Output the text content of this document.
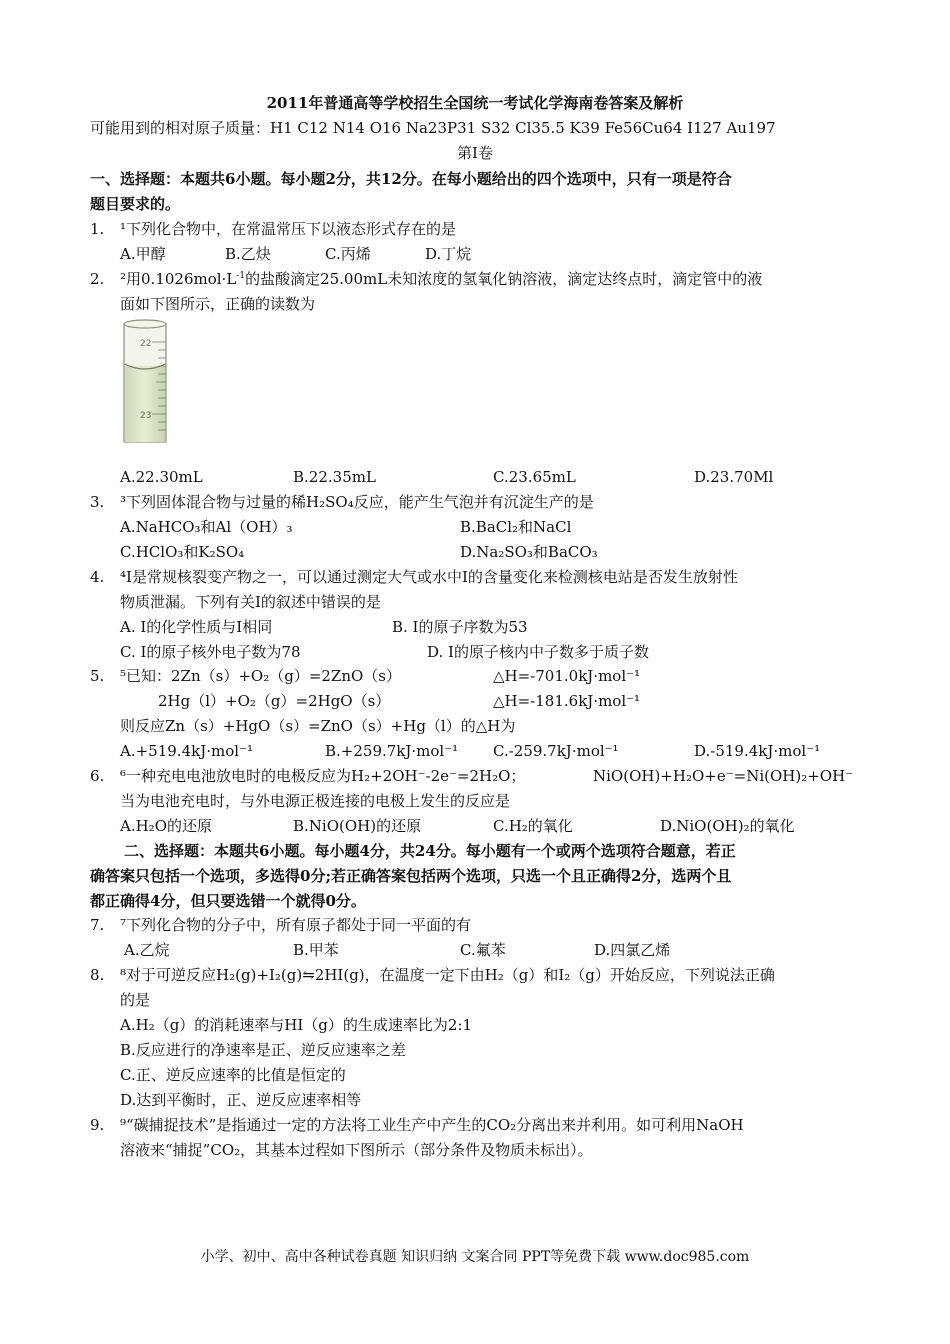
2011年普通高等学校招生全国统一考试化学海南卷答案及解析
可能用到的相对原子质量：H1 C12 N14 O16 Na23P31 S32 Cl35.5 K39 Fe56Cu64 I127 Au197
第I卷
一、选择题：本题共6小题。每小题2分，共12分。在每小题给出的四个选项中，只有一项是符合
题目要求的。
1. ¹下列化合物中，在常温常压下以液态形式存在的是
A.甲醇	B.乙炔	C.丙烯	D.丁烷
2. ²用$0.1026mol\cdot L^{-1}$的盐酸滴定25.00mL未知浓度的氢氧化钠溶液，滴定达终点时，滴定管中的液
面如下图所示，正确的读数为
22
23
A.22.30mL	B.22.35mL	C.23.65mL	D.23.70Ml
3. ³下列固体混合物与过量的稀H₂SO₄反应，能产生气泡并有沉淀生产的是
A.NaHCO₃和Al（OH）₃	B.BaCl₂和NaCl
C.HClO₃和K₂SO₄	D.Na₂SO₃和BaCO₃
4. ⁴I是常规核裂变产物之一，可以通过测定大气或水中I的含量变化来检测核电站是否发生放射性
物质泄漏。下列有关I的叙述中错误的是
A. I的化学性质与I相同	B. I的原子序数为53
C. I的原子核外电子数为78	D. I的原子核内中子数多于质子数
5. ⁵已知：2Zn（s）+O₂（g）=2ZnO（s）	△H=-701.0kJ·mol⁻¹
2Hg（l）+O₂（g）=2HgO（s）	△H=-181.6kJ·mol⁻¹
则反应Zn（s）+HgO（s）=ZnO（s）+Hg（l）的△H为
A.+519.4kJ·mol⁻¹	B.+259.7kJ·mol⁻¹ C.-259.7kJ·mol⁻¹	D.-519.4kJ·mol⁻¹
6. ⁶一种充电电池放电时的电极反应为H₂+2OH⁻-2e⁻=2H₂O；	NiO(OH)+H₂O+e⁻=Ni(OH)₂+OH⁻
当为电池充电时，与外电源正极连接的电极上发生的反应是
A.H₂O的还原	B.NiO(OH)的还原	C.H₂的氧化	D.NiO(OH)₂的氧化
二、选择题：本题共6小题。每小题4分，共24分。每小题有一个或两个选项符合题意，若正
确答案只包括一个选项，多选得0分;若正确答案包括两个选项，只选一个且正确得2分，选两个且
都正确得4分，但只要选错一个就得0分。
7. ⁷下列化合物的分子中，所有原子都处于同一平面的有
A.乙烷	B.甲苯	C.氟苯	D.四氯乙烯
8. ⁸对于可逆反应H₂(g)+I₂(g)⇋2HI(g)，在温度一定下由H₂（g）和I₂（g）开始反应，下列说法正确
的是
A.H₂（g）的消耗速率与HI（g）的生成速率比为2:1
B.反应进行的净速率是正、逆反应速率之差
C.正、逆反应速率的比值是恒定的
D.达到平衡时，正、逆反应速率相等
9. ⁹“碳捕捉技术”是指通过一定的方法将工业生产中产生的CO₂分离出来并利用。如可利用NaOH
溶液来“捕捉”CO₂，其基本过程如下图所示（部分条件及物质未标出）。
小学、初中、高中各种试卷真题 知识归纳 文案合同 PPT等免费下载 www.doc985.com
